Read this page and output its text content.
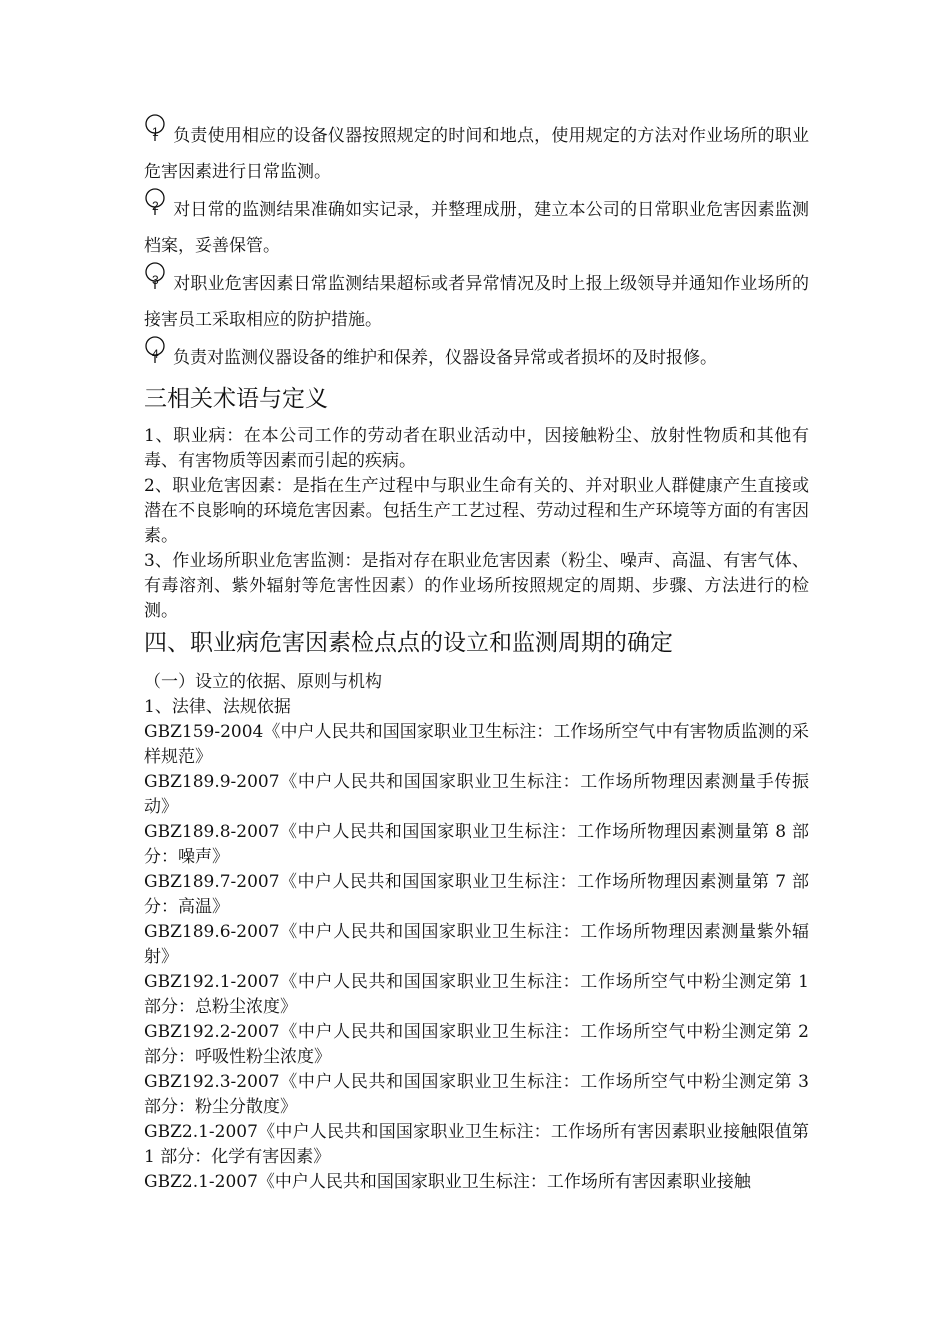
1 负责使用相应的设备仪器按照规定的时间和地点，使用规定的方法对作业场所的职业危害因素进行日常监测。

2 对日常的监测结果准确如实记录，并整理成册，建立本公司的日常职业危害因素监测档案，妥善保管。

3 对职业危害因素日常监测结果超标或者异常情况及时上报上级领导并通知作业场所的接害员工采取相应的防护措施。

4 负责对监测仪器设备的维护和保养，仪器设备异常或者损坏的及时报修。

三相关术语与定义

1、职业病：在本公司工作的劳动者在职业活动中，因接触粉尘、放射性物质和其他有毒、有害物质等因素而引起的疾病。

2、职业危害因素：是指在生产过程中与职业生命有关的、并对职业人群健康产生直接或潜在不良影响的环境危害因素。包括生产工艺过程、劳动过程和生产环境等方面的有害因素。

3、作业场所职业危害监测：是指对存在职业危害因素（粉尘、噪声、高温、有害气体、有毒溶剂、紫外辐射等危害性因素）的作业场所按照规定的周期、步骤、方法进行的检测。

四、职业病危害因素检点点的设立和监测周期的确定

（一）设立的依据、原则与机构

1、法律、法规依据

GBZ159-2004《中户人民共和国国家职业卫生标注：工作场所空气中有害物质监测的采样规范》

GBZ189.9-2007《中户人民共和国国家职业卫生标注：工作场所物理因素测量手传振动》

GBZ189.8-2007《中户人民共和国国家职业卫生标注：工作场所物理因素测量第 8 部分：噪声》

GBZ189.7-2007《中户人民共和国国家职业卫生标注：工作场所物理因素测量第 7 部分：高温》

GBZ189.6-2007《中户人民共和国国家职业卫生标注：工作场所物理因素测量紫外辐射》

GBZ192.1-2007《中户人民共和国国家职业卫生标注：工作场所空气中粉尘测定第 1 部分：总粉尘浓度》

GBZ192.2-2007《中户人民共和国国家职业卫生标注：工作场所空气中粉尘测定第 2 部分：呼吸性粉尘浓度》

GBZ192.3-2007《中户人民共和国国家职业卫生标注：工作场所空气中粉尘测定第 3 部分：粉尘分散度》

GBZ2.1-2007《中户人民共和国国家职业卫生标注：工作场所有害因素职业接触限值第 1 部分：化学有害因素》

GBZ2.1-2007《中户人民共和国国家职业卫生标注：工作场所有害因素职业接触
